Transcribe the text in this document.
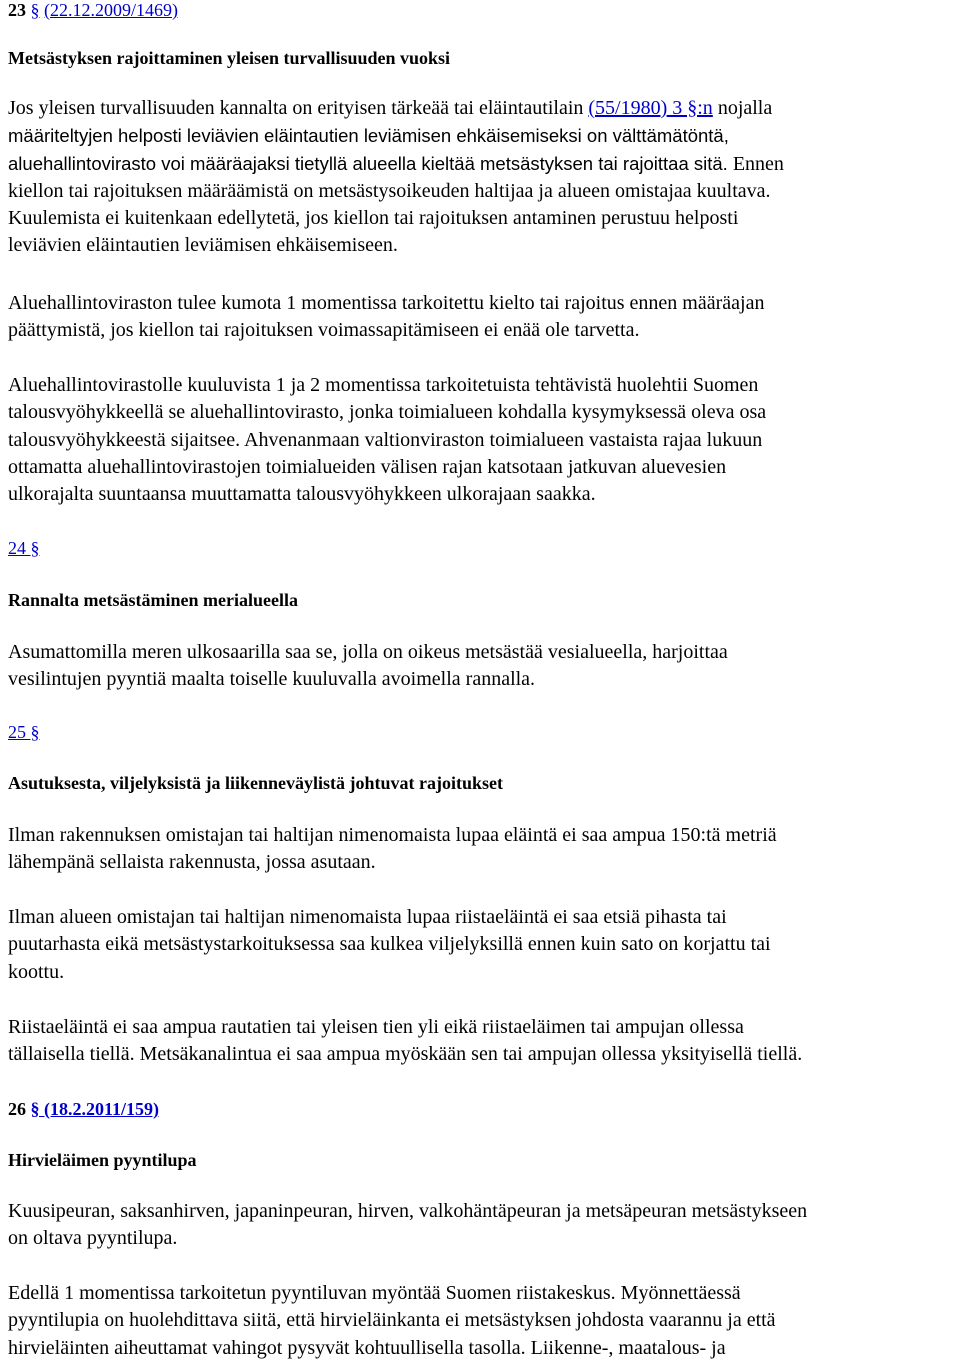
23 § (22.12.2009/1469)
Metsästyksen rajoittaminen yleisen turvallisuuden vuoksi
Jos yleisen turvallisuuden kannalta on erityisen tärkeää tai eläintautilain (55/1980) 3 §:n nojalla
määriteltyjen helposti leviävien eläintautien leviämisen ehkäisemiseksi on välttämätöntä,
aluehallintovirasto voi määräajaksi tietyllä alueella kieltää metsästyksen tai rajoittaa sitä. Ennen
kiellon tai rajoituksen määräämistä on metsästysoikeuden haltijaa ja alueen omistajaa kuultava.
Kuulemista ei kuitenkaan edellytetä, jos kiellon tai rajoituksen antaminen perustuu helposti
leviävien eläintautien leviämisen ehkäisemiseen.
Aluehallintoviraston tulee kumota 1 momentissa tarkoitettu kielto tai rajoitus ennen määräajan
päättymistä, jos kiellon tai rajoituksen voimassapitämiseen ei enää ole tarvetta.
Aluehallintovirastolle kuuluvista 1 ja 2 momentissa tarkoitetuista tehtävistä huolehtii Suomen
talousvyöhykkeellä se aluehallintovirasto, jonka toimialueen kohdalla kysymyksessä oleva osa
talousvyöhykkeestä sijaitsee. Ahvenanmaan valtionviraston toimialueen vastaista rajaa lukuun
ottamatta aluehallintovirastojen toimialueiden välisen rajan katsotaan jatkuvan aluevesien
ulkorajalta suuntaansa muuttamatta talousvyöhykkeen ulkorajaan saakka.
24 §
Rannalta metsästäminen merialueella
Asumattomilla meren ulkosaarilla saa se, jolla on oikeus metsästää vesialueella, harjoittaa
vesilintujen pyyntiä maalta toiselle kuuluvalla avoimella rannalla.
25 §
Asutuksesta, viljelyksistä ja liikenneväylistä johtuvat rajoitukset
Ilman rakennuksen omistajan tai haltijan nimenomaista lupaa eläintä ei saa ampua 150:tä metriä
lähempänä sellaista rakennusta, jossa asutaan.
Ilman alueen omistajan tai haltijan nimenomaista lupaa riistaeläintä ei saa etsiä pihasta tai
puutarhasta eikä metsästystarkoituksessa saa kulkea viljelyksillä ennen kuin sato on korjattu tai
koottu.
Riistaeläintä ei saa ampua rautatien tai yleisen tien yli eikä riistaeläimen tai ampujan ollessa
tällaisella tiellä. Metsäkanalintua ei saa ampua myöskään sen tai ampujan ollessa yksityisellä tiellä.
26 § (18.2.2011/159)
Hirvieläimen pyyntilupa
Kuusipeuran, saksanhirven, japaninpeuran, hirven, valkohäntäpeuran ja metsäpeuran metsästykseen
on oltava pyyntilupa.
Edellä 1 momentissa tarkoitetun pyyntiluvan myöntää Suomen riistakeskus. Myönnettäessä
pyyntilupia on huolehdittava siitä, että hirvieläinkanta ei metsästyksen johdosta vaarannu ja että
hirvieläinten aiheuttamat vahingot pysyvät kohtuullisella tasolla. Liikenne-, maatalous- ja
